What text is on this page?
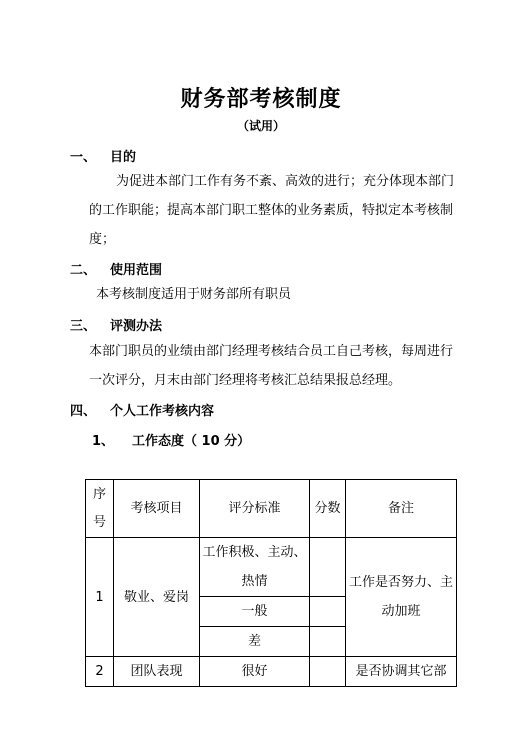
财务部考核制度
（试用）
一、 目的
为促进本部门工作有务不紊、高效的进行；充分体现本部门
的工作职能；提高本部门职工整体的业务素质，特拟定本考核制
度；
二、 使用范围
本考核制度适用于财务部所有职员
三、 评测办法
本部门职员的业绩由部门经理考核结合员工自己考核，每周进行
一次评分，月末由部门经理将考核汇总结果报总经理。
四、 个人工作考核内容
1、 工作态度（ 10 分）
序号	考核项目	评分标准	分数	备注
1	敬业、爱岗	工作积极、主动、热情		工作是否努力、主动加班
		一般		
		差		
2	团队表现	很好		是否协调其它部
